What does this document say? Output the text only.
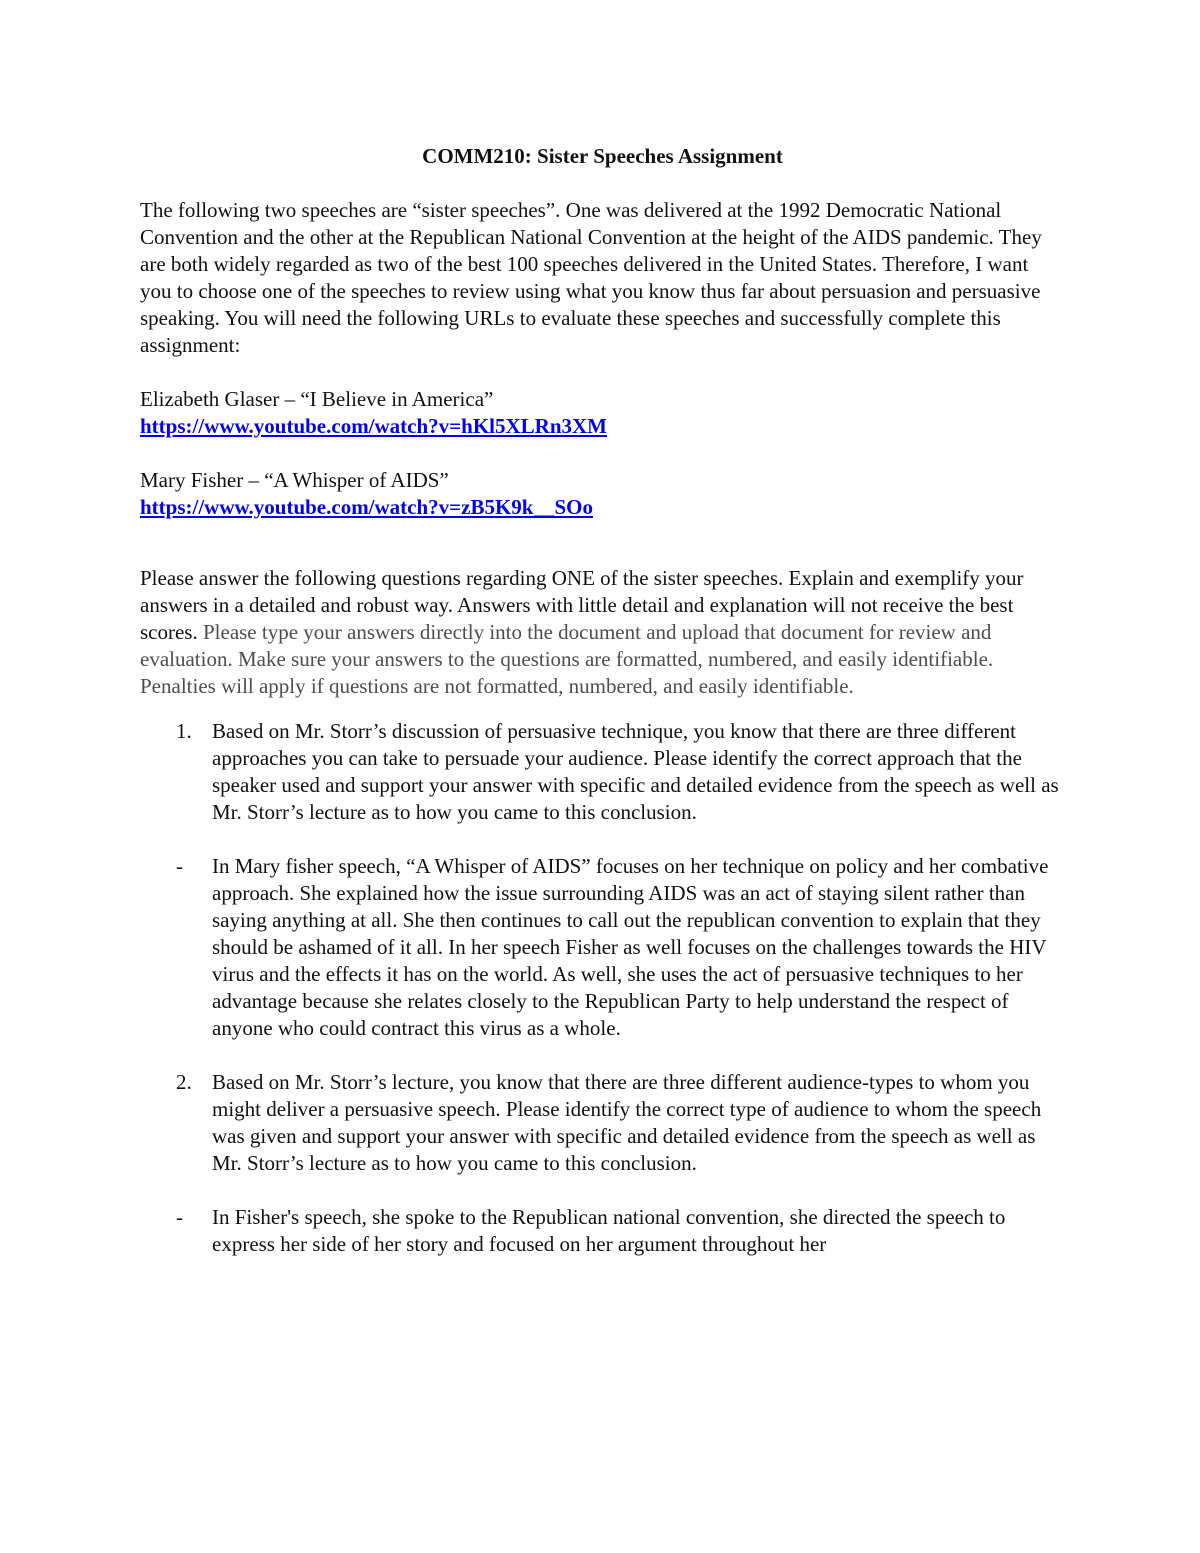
COMM210: Sister Speeches Assignment

The following two speeches are “sister speeches”. One was delivered at the 1992 Democratic National Convention and the other at the Republican National Convention at the height of the AIDS pandemic. They are both widely regarded as two of the best 100 speeches delivered in the United States. Therefore, I want you to choose one of the speeches to review using what you know thus far about persuasion and persuasive speaking. You will need the following URLs to evaluate these speeches and successfully complete this assignment:

Elizabeth Glaser – “I Believe in America”

https://www.youtube.com/watch?v=hKl5XLRn3XM

Mary Fisher – “A Whisper of AIDS”

https://www.youtube.com/watch?v=zB5K9k__SOo

Please answer the following questions regarding ONE of the sister speeches. Explain and exemplify your answers in a detailed and robust way. Answers with little detail and explanation will not receive the best scores. Please type your answers directly into the document and upload that document for review and evaluation. Make sure your answers to the questions are formatted, numbered, and easily identifiable. Penalties will apply if questions are not formatted, numbered, and easily identifiable.

1. Based on Mr. Storr’s discussion of persuasive technique, you know that there are three different approaches you can take to persuade your audience. Please identify the correct approach that the speaker used and support your answer with specific and detailed evidence from the speech as well as Mr. Storr’s lecture as to how you came to this conclusion.

- In Mary fisher speech, “A Whisper of AIDS” focuses on her technique on policy and her combative approach. She explained how the issue surrounding AIDS was an act of staying silent rather than saying anything at all. She then continues to call out the republican convention to explain that they should be ashamed of it all. In her speech Fisher as well focuses on the challenges towards the HIV virus and the effects it has on the world. As well, she uses the act of persuasive techniques to her advantage because she relates closely to the Republican Party to help understand the respect of anyone who could contract this virus as a whole.

2. Based on Mr. Storr’s lecture, you know that there are three different audience-types to whom you might deliver a persuasive speech. Please identify the correct type of audience to whom the speech was given and support your answer with specific and detailed evidence from the speech as well as Mr. Storr’s lecture as to how you came to this conclusion.

- In Fisher's speech, she spoke to the Republican national convention, she directed the speech to express her side of her story and focused on her argument throughout her
